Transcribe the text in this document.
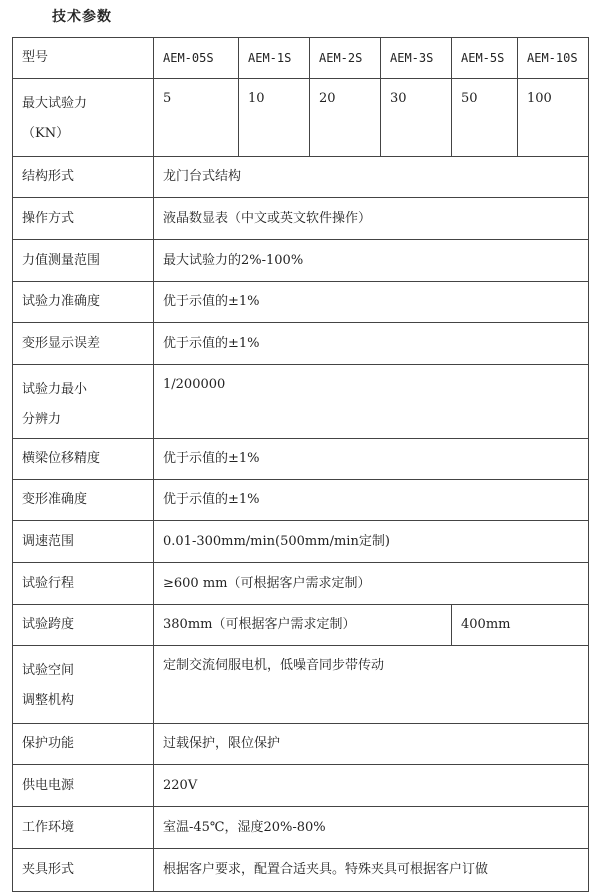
技术参数
型号	AEM-05S	AEM-1S	AEM-2S	AEM-3S	AEM-5S	AEM-10S

最大试验力
（KN）	5	10	20	30	50	100
结构形式	龙门台式结构					
操作方式	液晶数显表（中文或英文软件操作）					
力值测量范围	最大试验力的2%-100%					
试验力准确度	优于示值的±1%					
变形显示误差	优于示值的±1%					

试验力最小
分辨力	1/200000					
横梁位移精度	优于示值的±1%					
变形准确度	优于示值的±1%					
调速范围	0.01-300mm/min(500mm/min定制)					
试验行程	≥600 mm（可根据客户需求定制）					
试验跨度	380mm（可根据客户需求定制）				400mm	

试验空间
调整机构	定制交流伺服电机，低噪音同步带传动					
保护功能	过载保护，限位保护					
供电电源	220V					
工作环境	室温-45℃，湿度20%-80%					
夹具形式	根据客户要求，配置合适夹具。特殊夹具可根据客户订做					
